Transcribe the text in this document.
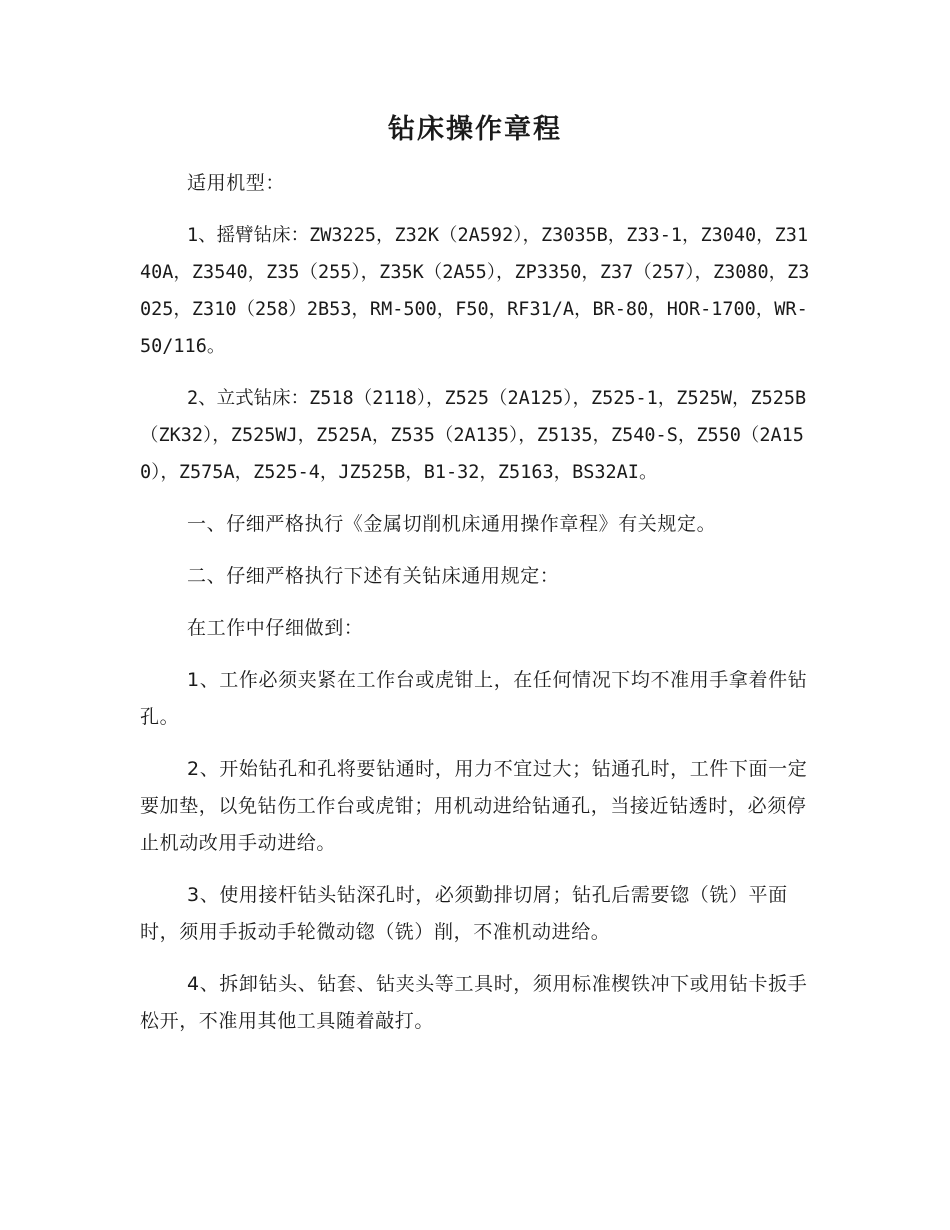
钻床操作章程

适用机型：

1、摇臂钻床：ZW3225，Z32K（2A592），Z3035B，Z33-1，Z3040，Z3140A，Z3540，Z35（255），Z35K（2A55），ZP3350，Z37（257），Z3080，Z3025，Z310（258）2B53，RM-500，F50，RF31/A，BR-80，HOR-1700，WR-50/116。

2、立式钻床：Z518（2118），Z525（2A125），Z525-1，Z525W，Z525B（ZK32），Z525WJ，Z525A，Z535（2A135），Z5135，Z540-S，Z550（2A150），Z575A，Z525-4，JZ525B，B1-32，Z5163，BS32AI。

一、仔细严格执行《金属切削机床通用操作章程》有关规定。

二、仔细严格执行下述有关钻床通用规定：

在工作中仔细做到：

1、工作必须夹紧在工作台或虎钳上，在任何情况下均不准用手拿着件钻孔。

2、开始钻孔和孔将要钻通时，用力不宜过大；钻通孔时，工件下面一定要加垫，以免钻伤工作台或虎钳；用机动进给钻通孔，当接近钻透时，必须停止机动改用手动进给。

3、使用接杆钻头钻深孔时，必须勤排切屑；钻孔后需要锪（铣）平面时，须用手扳动手轮微动锪（铣）削，不准机动进给。

4、拆卸钻头、钻套、钻夹头等工具时，须用标准楔铁冲下或用钻卡扳手松开，不准用其他工具随着敲打。
